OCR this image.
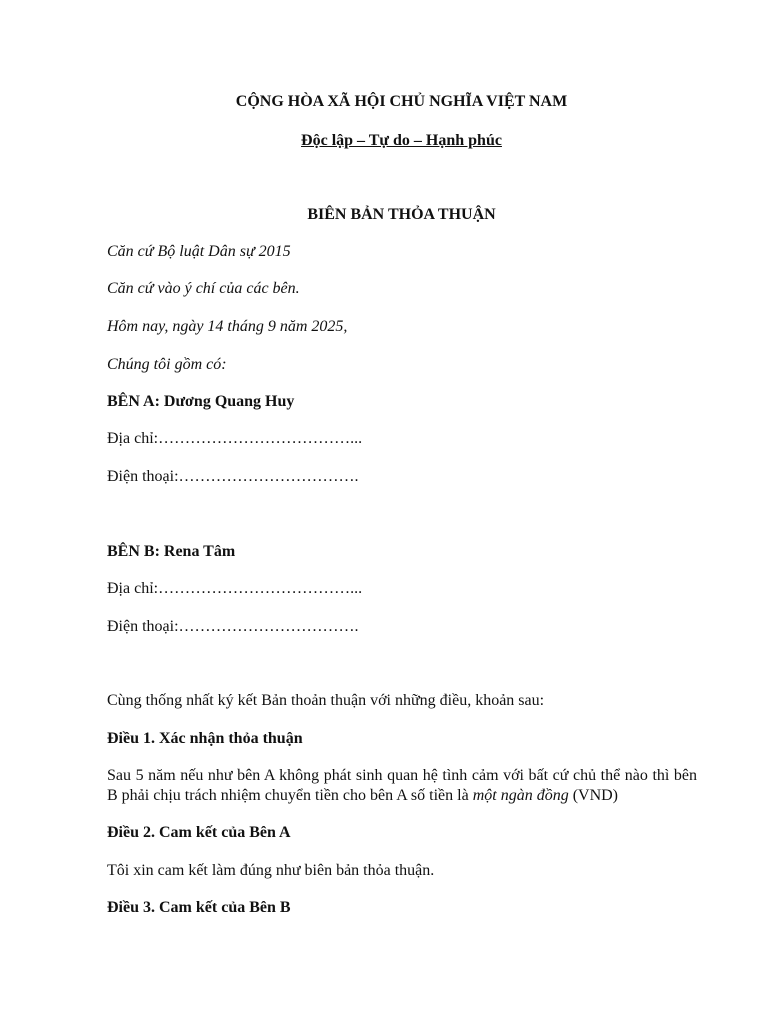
CỘNG HÒA XÃ HỘI CHỦ NGHĨA VIỆT NAM
Độc lập – Tự do – Hạnh phúc
BIÊN BẢN THỎA THUẬN
Căn cứ Bộ luật Dân sự 2015
Căn cứ vào ý chí của các bên.
Hôm nay, ngày 14 tháng 9 năm 2025,
Chúng tôi gồm có:
BÊN A: Dương Quang Huy
Địa chỉ:………………………………...
Điện thoại:…………………………….
BÊN B: Rena Tâm
Địa chỉ:………………………………...
Điện thoại:…………………………….
Cùng thống nhất ký kết Bản thoản thuận với những điều, khoản sau:
Điều 1. Xác nhận thỏa thuận
Sau 5 năm nếu như bên A không phát sinh quan hệ tình cảm với bất cứ chủ thể nào thì bên B phải chịu trách nhiệm chuyển tiền cho bên A số tiền là một ngàn đồng (VND)
Điều 2. Cam kết của Bên A
Tôi xin cam kết làm đúng như biên bản thỏa thuận.
Điều 3. Cam kết của Bên B
